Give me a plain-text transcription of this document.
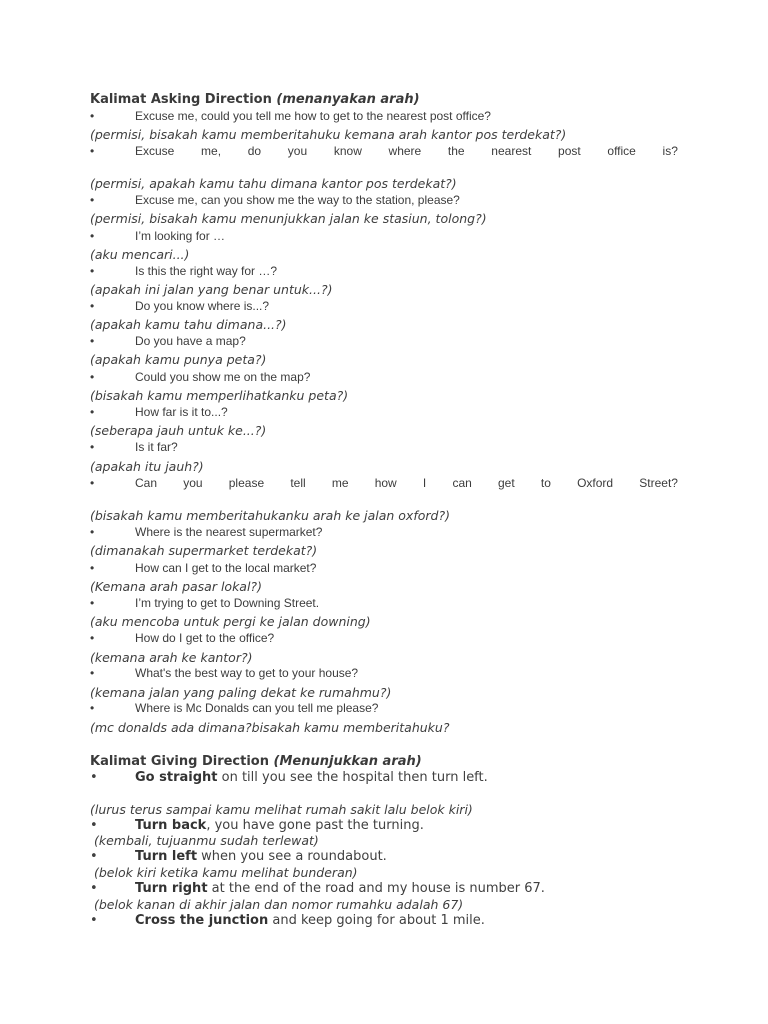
Kalimat Asking Direction (menanyakan arah)
•	Excuse me, could you tell me how to get to the nearest post office?
(permisi, bisakah kamu memberitahuku kemana arah kantor pos terdekat?)
•	Excuse me, do you know where the nearest post office is?
(permisi, apakah kamu tahu dimana kantor pos terdekat?)
•	Excuse me, can you show me the way to the station, please?
(permisi, bisakah kamu menunjukkan jalan ke stasiun, tolong?)
•	I’m looking for …
(aku mencari...)
•	Is this the right way for …?
(apakah ini jalan yang benar untuk...?)
•	Do you know where is...?
(apakah kamu tahu dimana...?)
•	Do you have a map?
(apakah kamu punya peta?)
•	Could you show me on the map?
(bisakah kamu memperlihatkanku peta?)
•	How far is it to...?
(seberapa jauh untuk ke...?)
•	Is it far?
(apakah itu jauh?)
•	Can you please tell me how I can get to Oxford Street?
(bisakah kamu memberitahukanku arah ke jalan oxford?)
•	Where is the nearest supermarket?
(dimanakah supermarket terdekat?)
•	How can I get to the local market?
(Kemana arah pasar lokal?)
•	I’m trying to get to Downing Street.
(aku mencoba untuk pergi ke jalan downing)
•	How do I get to the office?
(kemana arah ke kantor?)
•	What's the best way to get to your house?
(kemana jalan yang paling dekat ke rumahmu?)
•	Where is Mc Donalds can you tell me please?
(mc donalds ada dimana?bisakah kamu memberitahuku?
Kalimat Giving Direction (Menunjukkan arah)
•	Go straight on till you see the hospital then turn left.
(lurus terus sampai kamu melihat rumah sakit lalu belok kiri)
•	Turn back, you have gone past the turning.
(kembali, tujuanmu sudah terlewat)
•	Turn left when you see a roundabout.
(belok kiri ketika kamu melihat bunderan)
•	Turn right at the end of the road and my house is number 67.
(belok kanan di akhir jalan dan nomor rumahku adalah 67)
•	Cross the junction and keep going for about 1 mile.
